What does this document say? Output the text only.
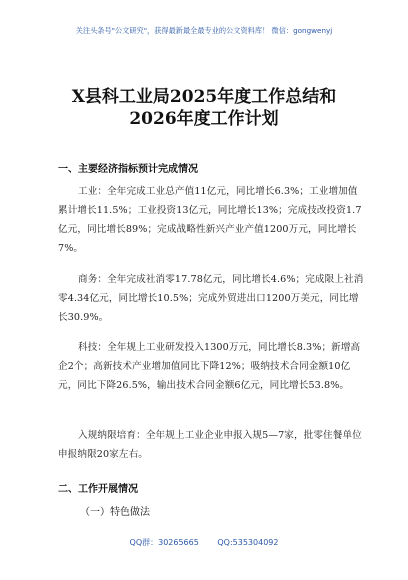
关注头条号"公文研究"，获得最新最全最专业的公文资料库！ 微信：gongwenyj
X县科工业局2025年度工作总结和
2026年度工作计划
一、主要经济指标预计完成情况
工业：全年完成工业总产值11亿元，同比增长6.3%；工业增加值累计增长11.5%；工业投资13亿元，同比增长13%；完成技改投资1.7亿元，同比增长89%；完成战略性新兴产业产值1200万元，同比增长7%。
商务：全年完成社消零17.78亿元，同比增长4.6%；完成限上社消零4.34亿元，同比增长10.5%；完成外贸进出口1200万美元，同比增长30.9%。
科技：全年规上工业研发投入1300万元，同比增长8.3%；新增高企2个；高新技术产业增加值同比下降12%；吸纳技术合同金额10亿元，同比下降26.5%，输出技术合同金额6亿元，同比增长53.8%。
入规纳限培育：全年规上工业企业申报入规5—7家，批零住餐单位申报纳限20家左右。
二、工作开展情况
（一）特色做法
QQ群：30265665 QQ:535304092
